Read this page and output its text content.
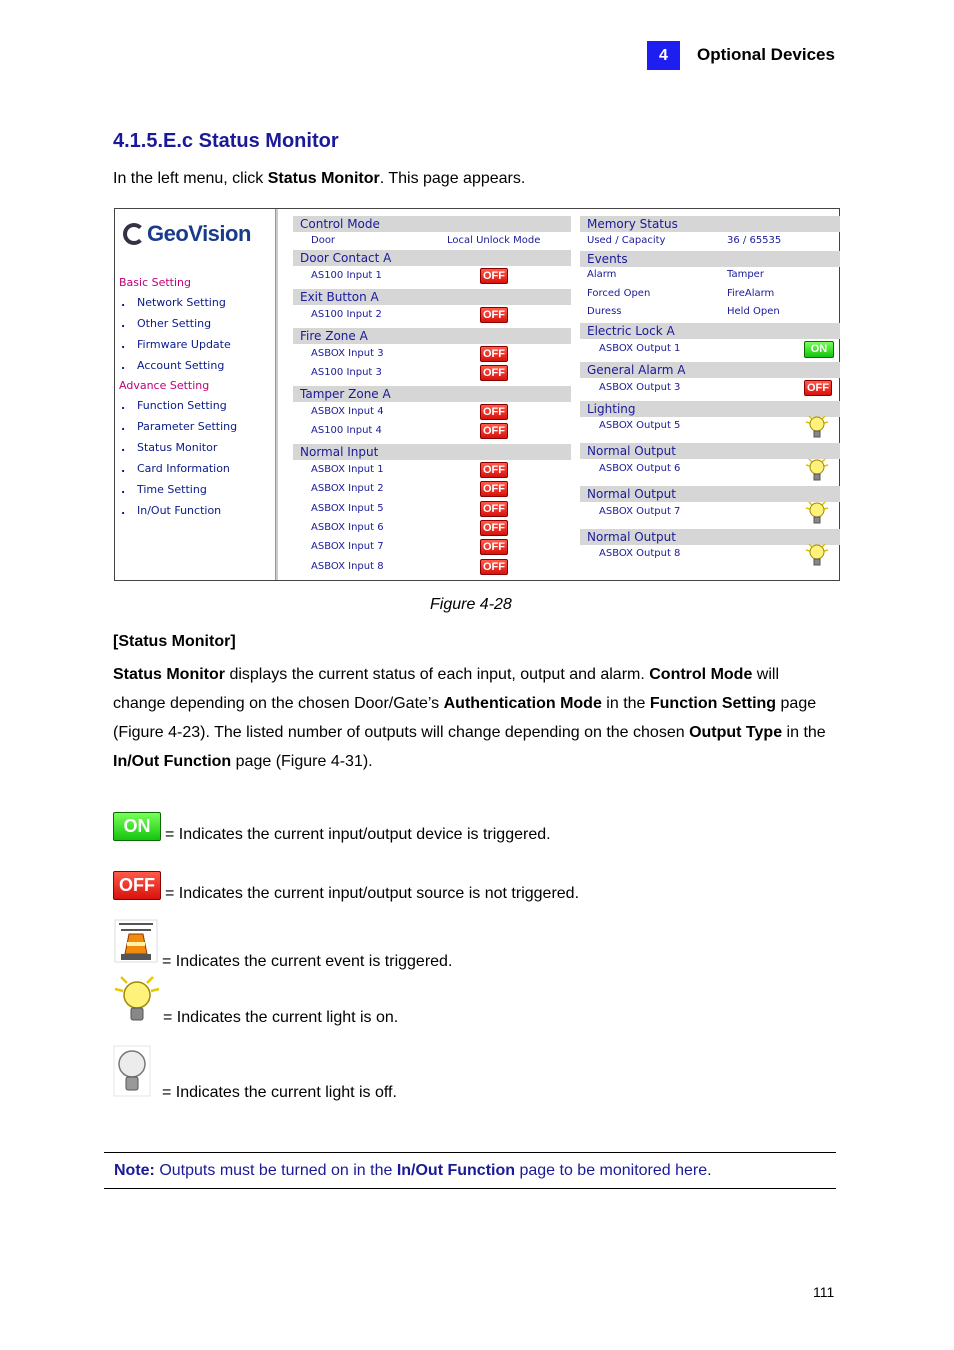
4	Optional Devices
4.1.5.E.c Status Monitor
In the left menu, click Status Monitor. This page appears.
GeoVision
Basic Setting
. Network Setting
. Other Setting
. Firmware Update
. Account Setting
Advance Setting
. Function Setting
. Parameter Setting
. Status Monitor
. Card Information
. Time Setting
. In/Out Function
Control Mode
Door	Local Unlock Mode
Door Contact A
AS100 Input 1	OFF
Exit Button A
AS100 Input 2	OFF
Fire Zone A
ASBOX Input 3	OFF
AS100 Input 3	OFF
Tamper Zone A
ASBOX Input 4	OFF
AS100 Input 4	OFF
Normal Input
ASBOX Input 1	OFF
ASBOX Input 2	OFF
ASBOX Input 5	OFF
ASBOX Input 6	OFF
ASBOX Input 7	OFF
ASBOX Input 8	OFF
Memory Status
Used / Capacity	36 / 65535
Events
Alarm	Tamper
Forced Open	FireAlarm
Duress	Held Open
Electric Lock A
ASBOX Output 1	ON
General Alarm A
ASBOX Output 3	OFF
Lighting
ASBOX Output 5
Normal Output
ASBOX Output 6
Normal Output
ASBOX Output 7
Normal Output
ASBOX Output 8
Figure 4-28
[Status Monitor]
Status Monitor displays the current status of each input, output and alarm. Control Mode will change depending on the chosen Door/Gate’s Authentication Mode in the Function Setting page (Figure 4-23). The listed number of outputs will change depending on the chosen Output Type in the In/Out Function page (Figure 4-31).
ON = Indicates the current input/output device is triggered.
OFF = Indicates the current input/output source is not triggered.
= Indicates the current event is triggered.
= Indicates the current light is on.
= Indicates the current light is off.
Note: Outputs must be turned on in the In/Out Function page to be monitored here.
111
